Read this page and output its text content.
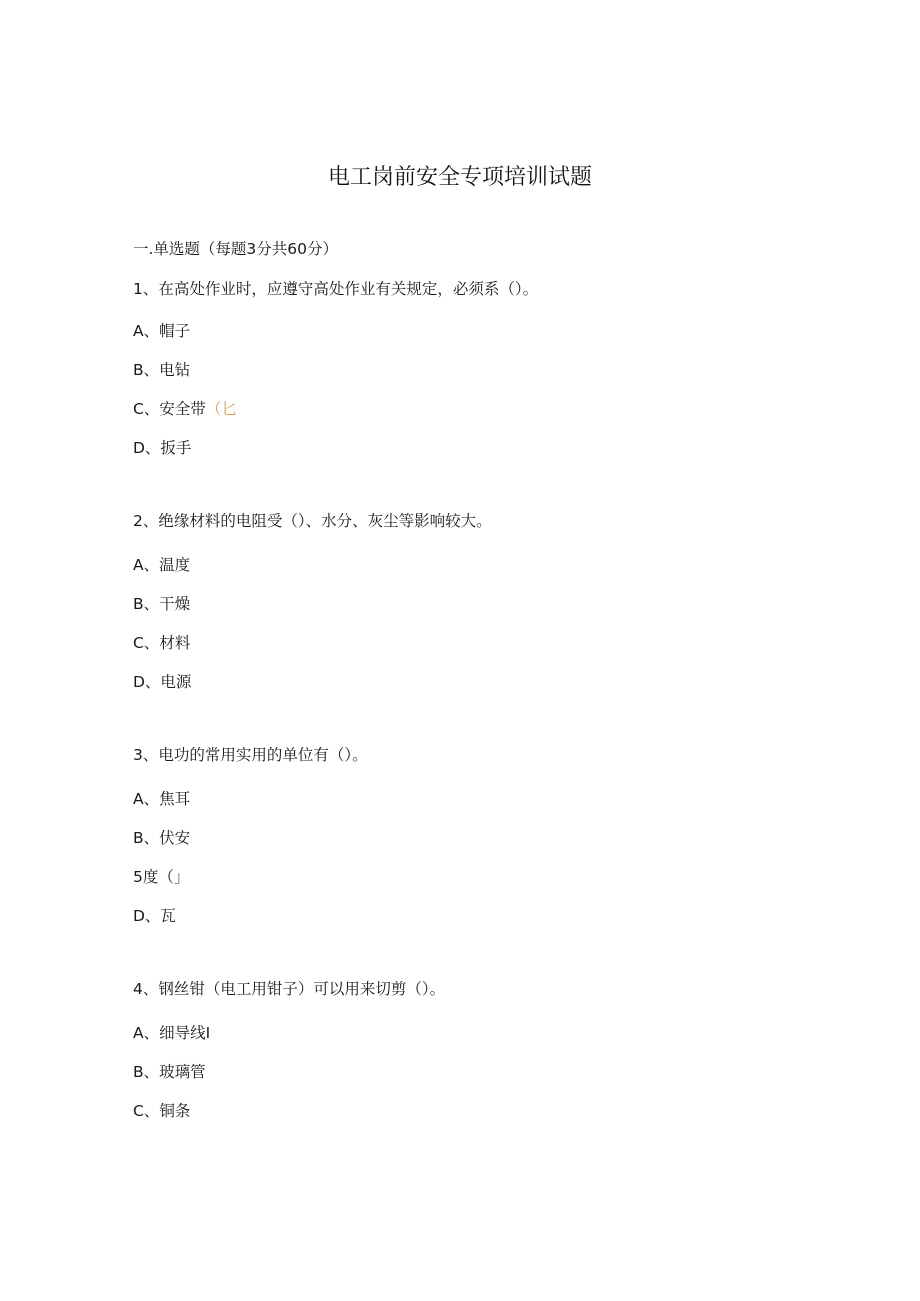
电工岗前安全专项培训试题
一.单选题（每题3分共60分）
1、在高处作业时，应遵守高处作业有关规定，必须系（）。
A、帽子
B、电钻
C、安全带（匕
D、扳手
2、绝缘材料的电阻受（）、水分、灰尘等影响较大。
A、温度
B、干燥
C、材料
D、电源
3、电功的常用实用的单位有（）。
A、焦耳
B、伏安
5度（」
D、瓦
4、钢丝钳（电工用钳子）可以用来切剪（）。
A、细导线I
B、玻璃管
C、铜条
